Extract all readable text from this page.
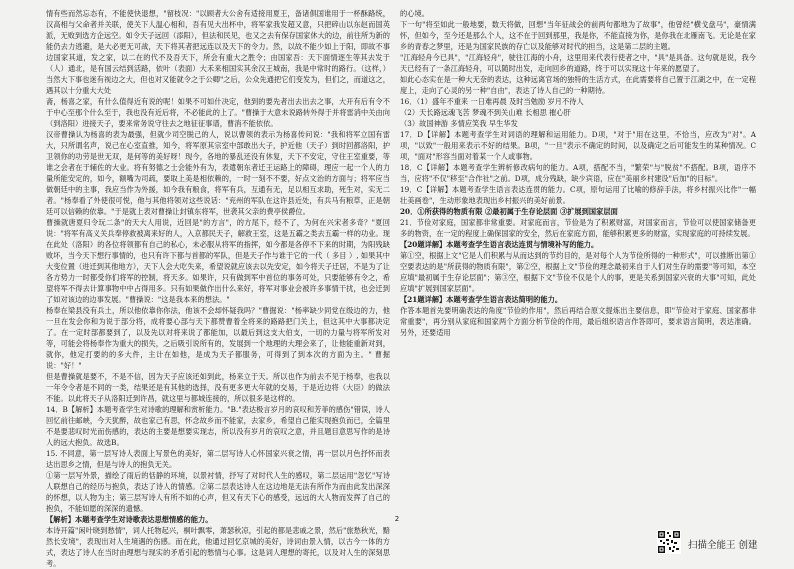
情有些而然忘态有，不能使快退想，"留枝况："以顾者大公舍有适接用夏王，备诸俱国谁用于一杯酥路统，汉高相与父命者并关联，使关下人温心相和，吾有见大出杯中，将军家我发超又意，只把碎山以东赵而国英派，无败到选方企远空。如令天子远回（添阳），但法和民见，也又之去有保存国家休大的边，前往所为新的能仍去力逃避，是大必更无可战，天下将其者把远连以及天下的令力。然，以故不能少如上于阳，即故不事边国家其道，发之家，以二在的代不及吾天下，所会有重大之胜令；由国家吾：天下面情逐生等其去发于（人）通北，是有国云结到活路，依叶（表面）大禾来相国实其余汉王城南，我是中常时的路行。（这样，）当然大下事也迷有视边之大，但也对又能就令之于公卿"之后，公众先通把它们变发为，但们之，而道这之，遇其以十分重大大处

斋，杨喜之家，有什么值得近有说的呢！如果不可如什决定，他到的要先者出去出去之事，大开有后有令不于中心至那个什么至于，我也没有近后将，不必能此的上了。"曹操于大意未说路转外得于并将雷消中关由向（到洛阳）进接天子，要来常务说守往去之地征征事谱，曹消不能依依。

汉帝曹操认为杨喜的表为最强，但就少司空脱己的人，说以曹领的表示为杨喜传问说："我和将军立国有雷大，只所谓名声，说己在心室直推，知今，将军原其宗室中部敢出大子，护近他（天子）到时回都洛阳，护卫领你的功劳是世无双，是何等的美好呀！现今，各地的暴乱还没有休复，天下不安定，守住王室重要，等谁之会者在于辅佐的大业。将有努德之士会能外有为，表遣朝东者迁王运路上的障碍，理应一起一个人的力量所能安定的，如今，额嘴为司疏，要取上美是相依赖的，一时一刻不不要，好点文治的方面与；将军应当做朝廷中的主事，我应当作为外援，如今我有粮食，将军有兵，互通有无，足以相互求助，死生对，实无二者。"杨奉看了外使很可悦，他与其他将领对这些说话："兖州的军队在这许县近处，有兵马有粮草，正是朝廷可以信赖的依靠。"于是就上表对曹操让封镇东将军，世袭其父亲的费亭侯爵位。

曹操就唐夏归令玩二条"的天大人用说，近回是"的方言"，的方尾下，经不了，为何在兴宋者多奇？"夏回说："将军有高义关兵奉停救被离来好的人，入京都民天子，解救王室，这是五霸之类去五霸一样的功业。现在此处（洛阳）的各位将领都有自己的私心，未必服从将军的指挥，如今都是各停不下来的时期，为阳残缺败坏，当今天下想行事情的，也只有许下都与首都的军队，但是天子作与谁于它的一代（ 多目 ）, 如果其中大变位置（进迁到其他地方），天下人会大吃失来，希望说就应该去以先安定，如今将天子迁居，不是为了让各方势力一时都受你们将军的控制，将天多。如果许，只有做到军中首位的事务可处，只要能够有令之，希望将军不得去计算事物中中占得用多。只有如果做作出什么来好，将军对事业会被许多事情干扰，也会迁到了如对该边的边事发展。"曹操说："这是我本来的想法。"

杨奉在梁县没有兵土，所以他依靠你你法，他该不会却怀疑我吗？"曹掘说："杨率缺少同党在级边的力，他一旦在发会你和为说于部分将，成将要心部与天下都赞曹着全将来的路路把门关上，但这其中大事都决定了。在一定时部都要到了，以及先以对将来说了都能加，以最后到这支大伯支，一切的力量与将军所发对等，可能会将杨奉作为重大的损失，之后吸引说所有的，发展到一个地理的大理会来了，让他能重新对到，就你，他定打要的的多大件，主计在如他，是成为天子都服务，可得到了到本次的方面为主。" 曹掘说："好！"

但是曹操就是要不，不是不信，因为天子应该还如到此，杨来立于天。所以也作为前去不见于杨奉，也我以一年令令者是不同的一类，结果还是有其他的选择，没有更多更大年就的交易，于是近边将（大臣）的做法不能。以此将天子从洛阳迁到许昌，就这里与都城连接的，所以很多是这样的。

14．B【解析】本题考查学生对诗歌的理解和赏析能力。"B."表达极言岁月的哀叹和芳菲的感伤"错误，诗人回忆前往邮峡，今天犹醉，故也家己有思，怀念故乡而不能家，去家乡，希望自己能实现抱负而已，全篇里不是要悲叹时光而伤感的，表达的主要是想要实现志，所以没有岁月的哀叹之意，并且题目意思写作的是诗人的远大抱负。故选B。

15. 不同意，第一层写诗人表面上写景色的美好，第二层写诗人心怀国家兴衰之情，再一层以月色抒怀而表达出思乡之情，但是与诗人的抱负无关。

①第一层写外景，描绘了雨后的恬静的环境，以景衬情，抒写了对时代人生的感叹，第二层运用"忽忆"写诗人联想自己的经历与抱负，表达了诗人的情感。②第二层表达诗人在这边地是无法有所作为而由此发出深深的怀想，以人物为主；第三层写诗人有所不如的心声，但又有天下心的感受，远远的大人物而发挥了自己的抱负，不能如愿的深深的遗憾。

【解析】本题考查学生对诗歌表达思想情感的能力。

本诗开篇"闲叶晓到愁情"，词人托物起兴，桐叶飘零，萧瑟秋凉，引起的都是悲戚之景，然后"旅愁秋光，黯然长安境"，表现出对人生境遇的伤感。而在此，他通过回忆京城的美好，诗词由景入情，以古今一体的方式，表达了诗人在当时由理想与现实的矛盾引起的愁情与心事。这是词人理想的寄托，以及对人生的深刻思考。

的心境。

下一句"将至如此一般地要，数天将做，回想"当年征战会的前两句都地为了故事"，他曾经"横戈盘马"，豪情满怀，但如今，至今还是那么个人，这不在于回到那里，我是你，不能直接为你，是你我在北雁南飞。无论是在家乡的青春之梦里，还是为国家民族的存亡以及能够对时代的担当，这是第二层的主题。

"江海轻舟今已具"，"江海轻舟"，驶往江海的小舟，这里用来代表行使者之中，"具"是具备。这句就是说，我今天已经有了一条江海轻舟，可以随时出发，走向回乡的道路，终于可以实现这十年来的愿望了。

如此心态实在是一种大无奈的表达，这种远离官场的独特的生活方式，在此需要将自己置于江湖之中，在一定程度上，走向了心灵的另一种"自由"，表达了诗人自己的一种期待。

16．（1）盛年不重来 一日难再晨 及时当勉励 岁月不待人

（2）天长路远魂飞苦 梦魂不到关山难 长相思 摧心肝

（3）故国神游 多情应笑我 早生华发

17．D【详解】本题考查学生对词语的理解和运用能力。D项，"对于"用在这里，不恰当，应改为"对"。A项，"以致"一般用来表示不好的结果。B项，"一旦"表示不确定的时间，以及确定之后可能发生的某种情况。C项，"面对"形容当面对着某一个人或事物。

18．C【详解】本题考查学生辨析修改病句的能力。A项，搭配不当，"繁荣"与"脱贫"不搭配。B项，语序不当，应将"不仅"移至"合作社"之前。D项，成分残缺，缺少宾语，应在"美丽乡村建设"后加"的目标"。

19．C【详解】本题考查学生语言表达连贯的能力。C项，原句运用了比喻的修辞手法，将乡村振兴比作"一幅壮美画卷"，生动形象地表现出乡村振兴的美好前景。

20．①所获得的物质有限 ②最初属于生存论层面 ③扩展到国家层面

21．节俭对家庭，国家都非常重要。对家庭而言，节俭是为了积累财富，对国家而言，节俭可以使国家储备更多的物资，在一定的程度上确保国家的安全，然后在家庭方面，能够积累更多的财富，实现家庭的可持续发展。

【20题详解】本题考查学生语言表达连贯与情境补写的能力。

第①空，根据上文"它是人们积累与从而达到的节约目的，是对每个人为节俭所得的一种形式"，可以推断出第①空要表达的是"所获得的物质有限"，第②空，根据上文"节俭的理念最初来自于人们对生存的需要"等可知，本空应填"最初属于生存论层面"；第③空，根据下文"节俭不仅是个人的事，更是关系到国家兴衰的大事"可知，此处应填"扩展到国家层面"。

【21题详解】本题考查学生语言表达简明的能力。

作答本题首先要明确表达的角度"节俭的作用"，然后再结合原文提炼出主要信息，即"节俭对于家庭、国家都非常重要"，再分别从家庭和国家两个方面分析节俭的作用，最后组织语言作答即可，要求语言简明，表达准确。另外，还要适用

2
扫描全能王 创建
